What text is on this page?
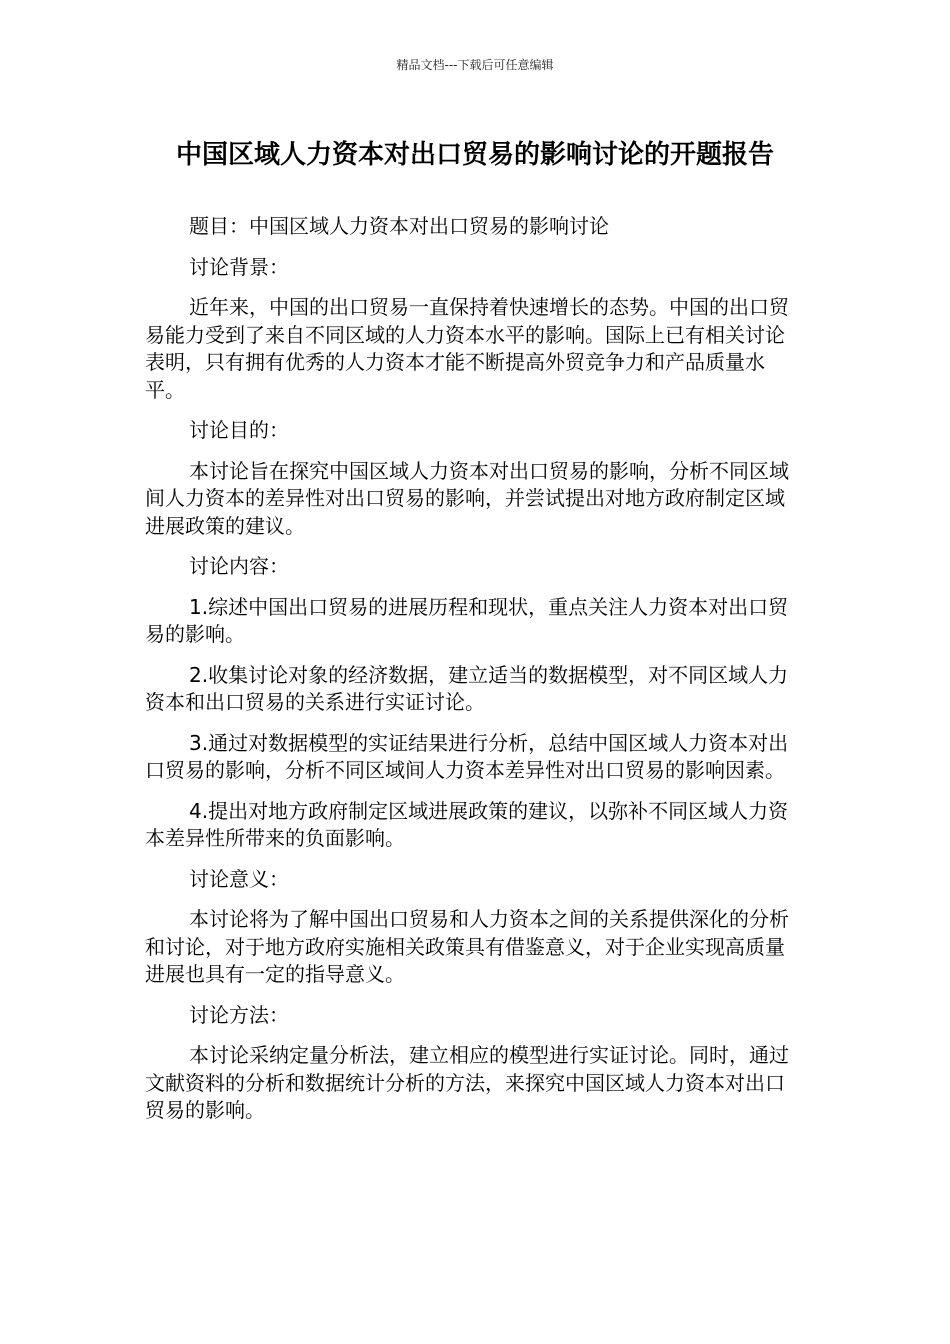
精品文档---下载后可任意编辑
中国区域人力资本对出口贸易的影响讨论的开题报告

题目：中国区域人力资本对出口贸易的影响讨论

讨论背景：

近年来，中国的出口贸易一直保持着快速增长的态势。中国的出口贸易能力受到了来自不同区域的人力资本水平的影响。国际上已有相关讨论表明，只有拥有优秀的人力资本才能不断提高外贸竞争力和产品质量水平。

讨论目的：

本讨论旨在探究中国区域人力资本对出口贸易的影响，分析不同区域间人力资本的差异性对出口贸易的影响，并尝试提出对地方政府制定区域进展政策的建议。

讨论内容：

1.综述中国出口贸易的进展历程和现状，重点关注人力资本对出口贸易的影响。

2.收集讨论对象的经济数据，建立适当的数据模型，对不同区域人力资本和出口贸易的关系进行实证讨论。

3.通过对数据模型的实证结果进行分析，总结中国区域人力资本对出口贸易的影响，分析不同区域间人力资本差异性对出口贸易的影响因素。

4.提出对地方政府制定区域进展政策的建议，以弥补不同区域人力资本差异性所带来的负面影响。

讨论意义：

本讨论将为了解中国出口贸易和人力资本之间的关系提供深化的分析和讨论，对于地方政府实施相关政策具有借鉴意义，对于企业实现高质量进展也具有一定的指导意义。

讨论方法：

本讨论采纳定量分析法，建立相应的模型进行实证讨论。同时，通过文献资料的分析和数据统计分析的方法，来探究中国区域人力资本对出口贸易的影响。
